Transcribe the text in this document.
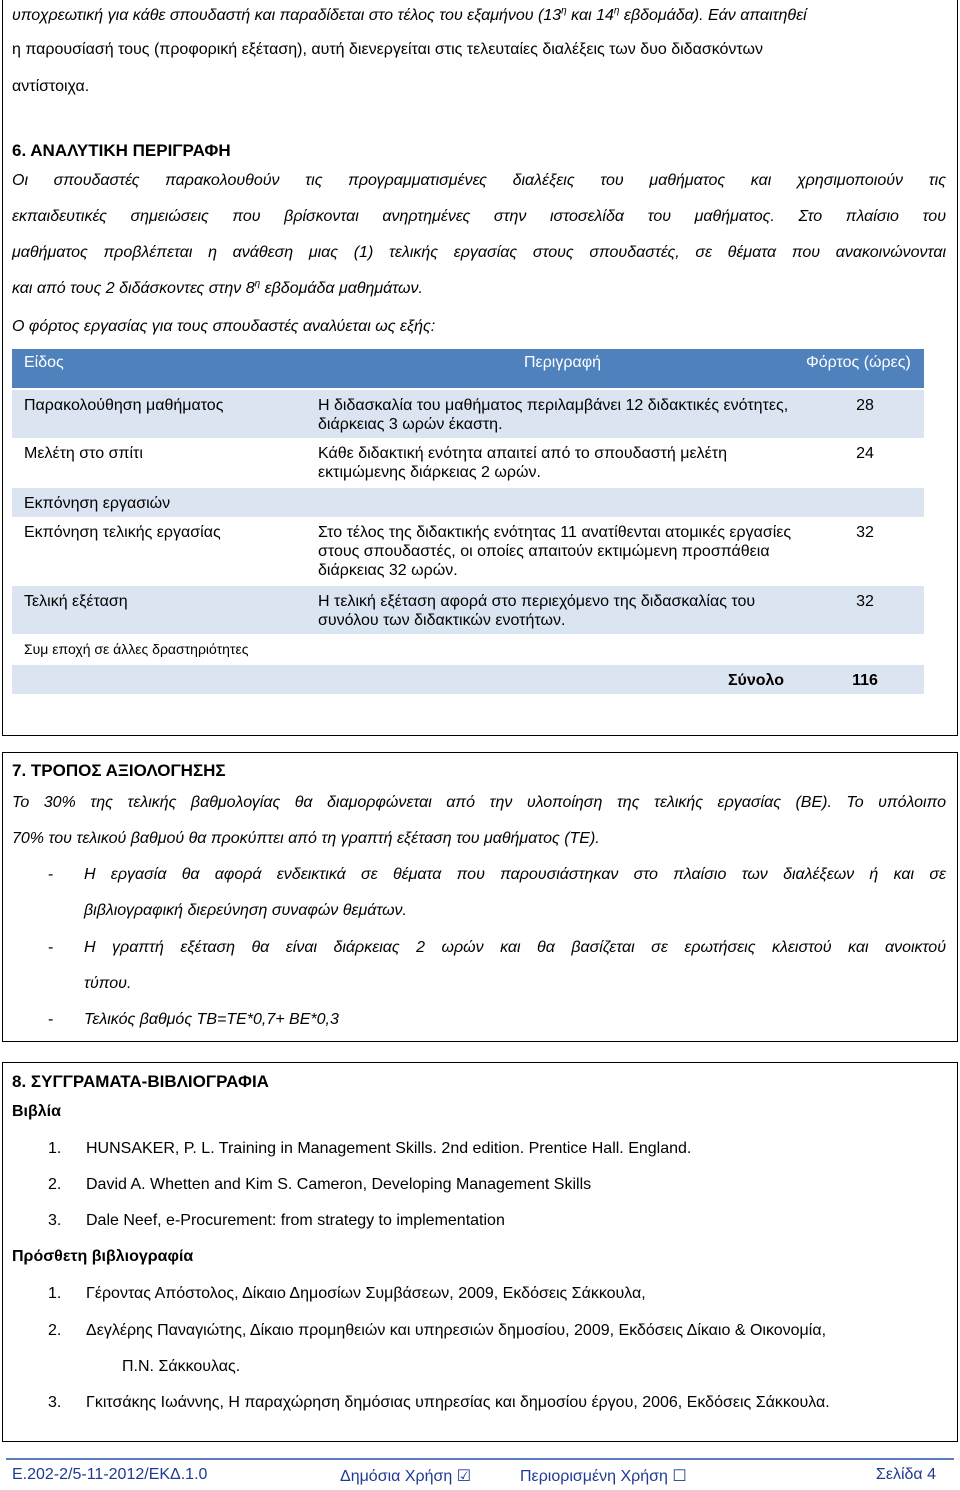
υποχρεωτική για κάθε σπουδαστή και παραδίδεται στο τέλος του εξαμήνου ($13^\eta$ και $14^\eta$ εβδομάδα). Εάν απαιτηθεί
η παρουσίασή τους (προφορική εξέταση), αυτή διενεργείται στις τελευταίες διαλέξεις των δυο διδασκόντων
αντίστοιχα.
6. ΑΝΑΛΥΤΙΚΗ ΠΕΡΙΓΡΑΦΗ
Οι σπουδαστές παρακολουθούν τις προγραμματισμένες διαλέξεις του μαθήματος και χρησιμοποιούν τις
εκπαιδευτικές σημειώσεις που βρίσκονται ανηρτημένες στην ιστοσελίδα του μαθήματος. Στο πλαίσιο του
μαθήματος προβλέπεται η ανάθεση μιας (1) τελικής εργασίας στους σπουδαστές, σε θέματα που ανακοινώνονται
και από τους 2 διδάσκοντες στην $8^\eta$ εβδομάδα μαθημάτων.
Ο φόρτος εργασίας για τους σπουδαστές αναλύεται ως εξής:
Είδος	Περιγραφή	Φόρτος (ώρες)
Παρακολούθηση μαθήματος	Η διδασκαλία του μαθήματος περιλαμβάνει 12 διδακτικές ενότητες, διάρκειας 3 ωρών έκαστη.	28
Μελέτη στο σπίτι	Κάθε διδακτική ενότητα απαιτεί από το σπουδαστή μελέτη εκτιμώμενης διάρκειας 2 ωρών.	24
Εκπόνηση εργασιών		
Εκπόνηση τελικής εργασίας	Στο τέλος της διδακτικής ενότητας 11 ανατίθενται ατομικές εργασίες στους σπουδαστές, οι οποίες απαιτούν εκτιμώμενη προσπάθεια διάρκειας 32 ωρών.	32
Τελική εξέταση	Η τελική εξέταση αφορά στο περιεχόμενο της διδασκαλίας του συνόλου των διδακτικών ενοτήτων.	32
Συμ εποχή σε άλλες δραστηριότητες		
	Σύνολο	116
7. ΤΡΟΠΟΣ ΑΞΙΟΛΟΓΗΣΗΣ
Το 30% της τελικής βαθμολογίας θα διαμορφώνεται από την υλοποίηση της τελικής εργασίας (ΒΕ). Το υπόλοιπο
70% του τελικού βαθμού θα προκύπτει από τη γραπτή εξέταση του μαθήματος (ΤΕ).
- Η εργασία θα αφορά ενδεικτικά σε θέματα που παρουσιάστηκαν στο πλαίσιο των διαλέξεων ή και σε
βιβλιογραφική διερεύνηση συναφών θεμάτων.
- Η γραπτή εξέταση θα είναι διάρκειας 2 ωρών και θα βασίζεται σε ερωτήσεις κλειστού και ανοικτού
τύπου.
- Τελικός βαθμός ΤΒ=ΤΕ*0,7+ ΒΕ*0,3
8. ΣΥΓΓΡΑΜΑΤΑ-ΒΙΒΛΙΟΓΡΑΦΙΑ
Βιβλία
1. HUNSAKER, P. L. Training in Management Skills. 2nd edition. Prentice Hall. England.
2. David A. Whetten and Kim S. Cameron, Developing Management Skills
3. Dale Neef, e-Procurement: from strategy to implementation
Πρόσθετη βιβλιογραφία
1. Γέροντας Απόστολος, Δίκαιο Δημοσίων Συμβάσεων, 2009, Εκδόσεις Σάκκουλα,
2. Δεγλέρης Παναγιώτης, Δίκαιο προμηθειών και υπηρεσιών δημοσίου, 2009, Εκδόσεις Δίκαιο & Οικονομία,
Π.Ν. Σάκκουλας.
3. Γκιτσάκης Ιωάννης, Η παραχώρηση δημόσιας υπηρεσίας και δημοσίου έργου, 2006, Εκδόσεις Σάκκουλα.
Ε.202-2/5-11-2012/ΕΚΔ.1.0	Δημόσια Χρήση ☑	Περιορισμένη Χρήση ☐	Σελίδα 4
